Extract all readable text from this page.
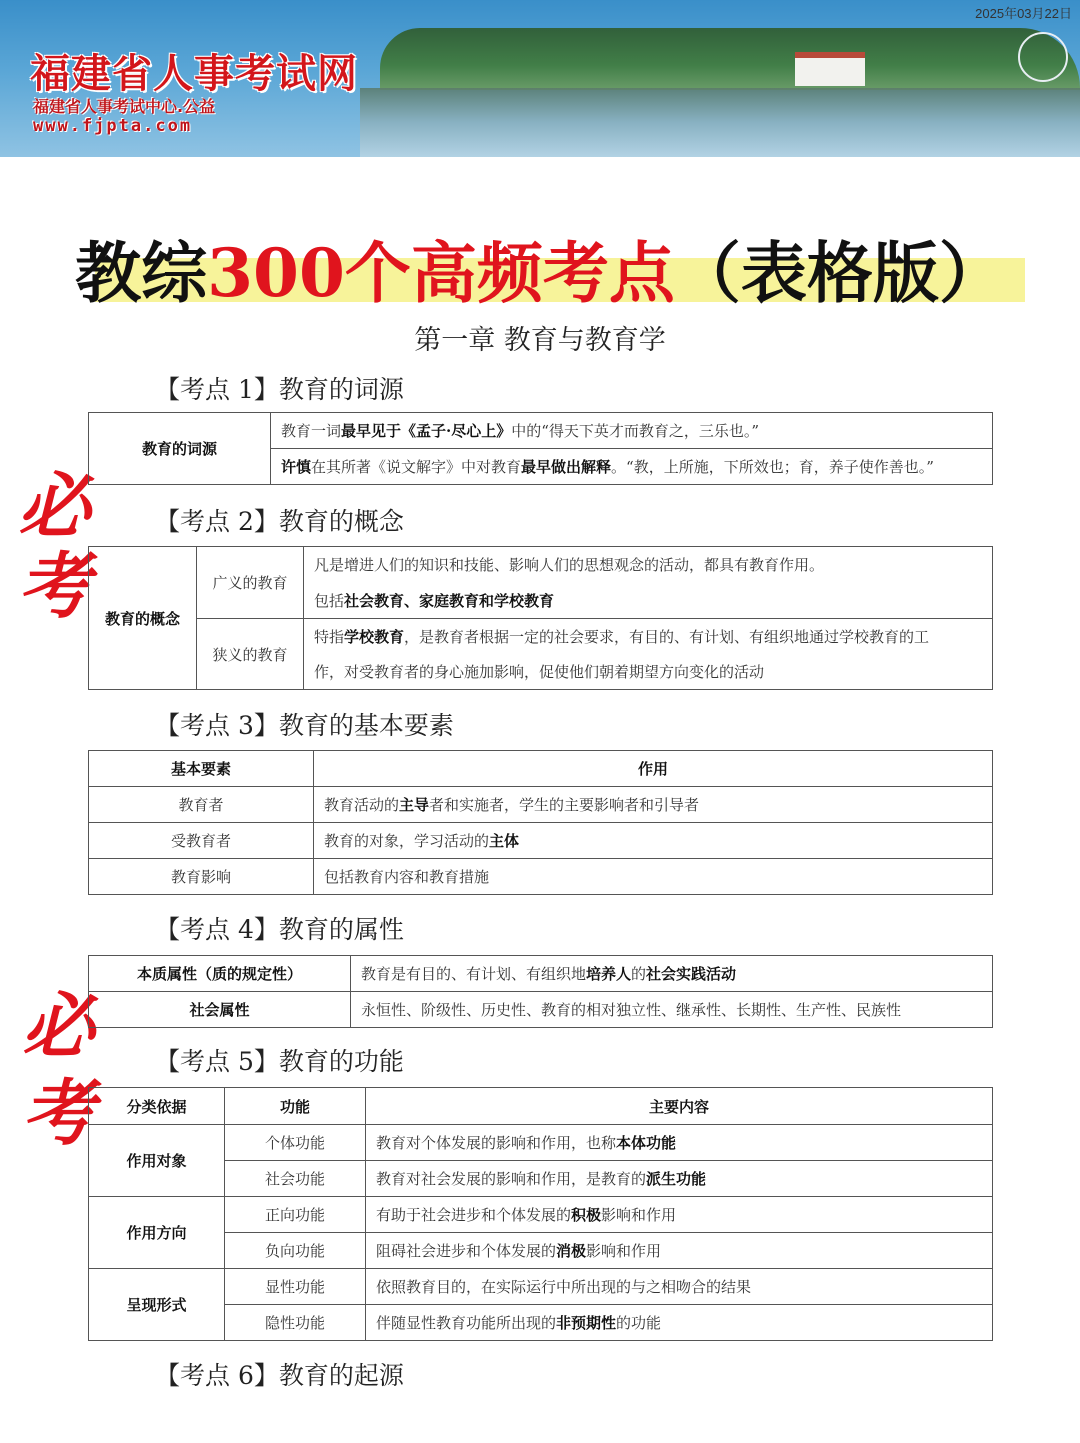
2025年03月22日
福建省人事考试网
福建省人事考试中心.公益
www.fjpta.com
教综300个高频考点（表格版）
第一章 教育与教育学
必
考
必
考
【考点 1】教育的词源
教育的词源	教育一词最早见于《孟子·尽心上》中的“得天下英才而教育之，三乐也。”
许慎在其所著《说文解字》中对教育最早做出解释。“教，上所施，下所效也；育，养子使作善也。”
【考点 2】教育的概念
教育的概念	广义的教育	凡是增进人们的知识和技能、影响人们的思想观念的活动，都具有教育作用。
		包括社会教育、家庭教育和学校教育
	狭义的教育	特指学校教育，是教育者根据一定的社会要求，有目的、有计划、有组织地通过学校教育的工
		作，对受教育者的身心施加影响，促使他们朝着期望方向变化的活动
【考点 3】教育的基本要素
基本要素	作用
教育者	教育活动的主导者和实施者，学生的主要影响者和引导者
受教育者	教育的对象，学习活动的主体
教育影响	包括教育内容和教育措施
【考点 4】教育的属性
本质属性（质的规定性）	教育是有目的、有计划、有组织地培养人的社会实践活动
社会属性	永恒性、阶级性、历史性、教育的相对独立性、继承性、长期性、生产性、民族性
【考点 5】教育的功能
分类依据	功能	主要内容
作用对象	个体功能	教育对个体发展的影响和作用，也称本体功能
	社会功能	教育对社会发展的影响和作用，是教育的派生功能
作用方向	正向功能	有助于社会进步和个体发展的积极影响和作用
	负向功能	阻碍社会进步和个体发展的消极影响和作用
呈现形式	显性功能	依照教育目的，在实际运行中所出现的与之相吻合的结果
	隐性功能	伴随显性教育功能所出现的非预期性的功能
【考点 6】教育的起源
